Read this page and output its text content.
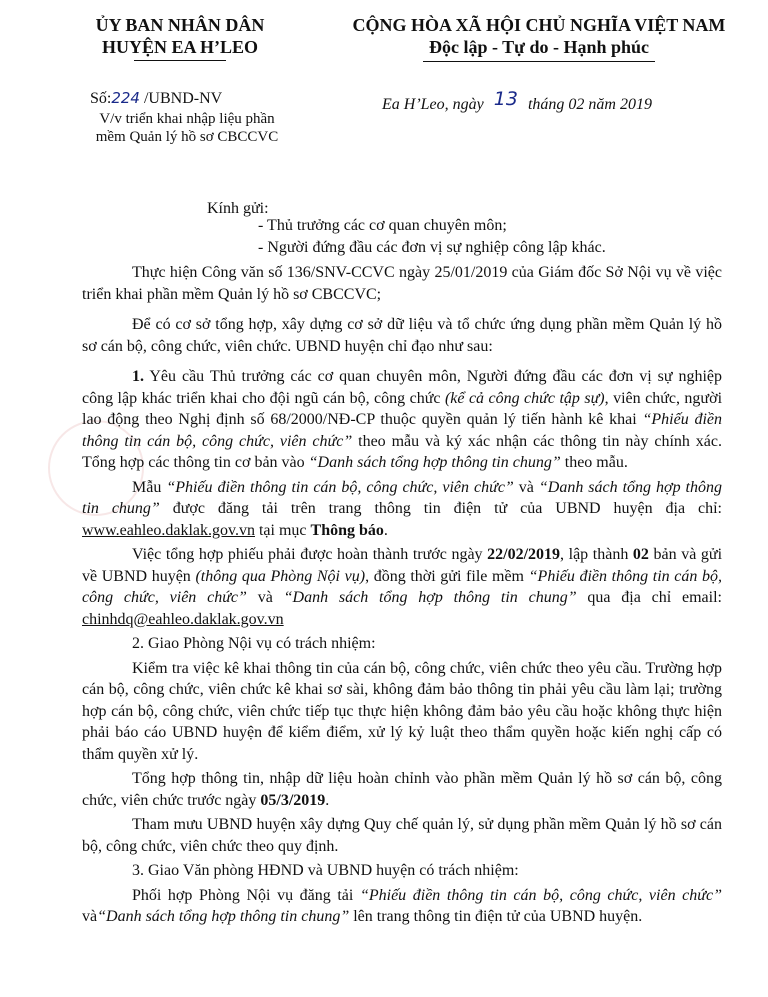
ỦY BAN NHÂN DÂN
HUYỆN EA H’LEO
CỘNG HÒA XÃ HỘI CHỦ NGHĨA VIỆT NAM
Độc lập - Tự do - Hạnh phúc
Số:224 /UBND-NV
V/v triển khai nhập liệu phần mềm Quản lý hồ sơ CBCCVC
Ea H’Leo, ngày 13 tháng 02 năm 2019
Kính gửi:
- Thủ trưởng các cơ quan chuyên môn;
- Người đứng đầu các đơn vị sự nghiệp công lập khác.

Thực hiện Công văn số 136/SNV-CCVC ngày 25/01/2019 của Giám đốc Sở Nội vụ về việc triển khai phần mềm Quản lý hồ sơ CBCCVC;

Để có cơ sở tổng hợp, xây dựng cơ sở dữ liệu và tổ chức ứng dụng phần mềm Quản lý hồ sơ cán bộ, công chức, viên chức. UBND huyện chỉ đạo như sau:

1. Yêu cầu Thủ trưởng các cơ quan chuyên môn, Người đứng đầu các đơn vị sự nghiệp công lập khác triển khai cho đội ngũ cán bộ, công chức (kể cả công chức tập sự), viên chức, người lao động theo Nghị định số 68/2000/NĐ-CP thuộc quyền quản lý tiến hành kê khai “Phiếu điền thông tin cán bộ, công chức, viên chức” theo mẫu và ký xác nhận các thông tin này chính xác. Tổng hợp các thông tin cơ bản vào “Danh sách tổng hợp thông tin chung” theo mẫu.

Mẫu “Phiếu điền thông tin cán bộ, công chức, viên chức” và “Danh sách tổng hợp thông tin chung” được đăng tải trên trang thông tin điện tử của UBND huyện địa chỉ: www.eahleo.daklak.gov.vn tại mục Thông báo.

Việc tổng hợp phiếu phải được hoàn thành trước ngày 22/02/2019, lập thành 02 bản và gửi về UBND huyện (thông qua Phòng Nội vụ), đồng thời gửi file mềm “Phiếu điền thông tin cán bộ, công chức, viên chức” và “Danh sách tổng hợp thông tin chung” qua địa chỉ email: chinhdq@eahleo.daklak.gov.vn

2. Giao Phòng Nội vụ có trách nhiệm:

Kiểm tra việc kê khai thông tin của cán bộ, công chức, viên chức theo yêu cầu. Trường hợp cán bộ, công chức, viên chức kê khai sơ sài, không đảm bảo thông tin phải yêu cầu làm lại; trường hợp cán bộ, công chức, viên chức tiếp tục thực hiện không đảm bảo yêu cầu hoặc không thực hiện phải báo cáo UBND huyện để kiểm điểm, xử lý kỷ luật theo thẩm quyền hoặc kiến nghị cấp có thẩm quyền xử lý.

Tổng hợp thông tin, nhập dữ liệu hoàn chỉnh vào phần mềm Quản lý hồ sơ cán bộ, công chức, viên chức trước ngày 05/3/2019.

Tham mưu UBND huyện xây dựng Quy chế quản lý, sử dụng phần mềm Quản lý hồ sơ cán bộ, công chức, viên chức theo quy định.

3. Giao Văn phòng HĐND và UBND huyện có trách nhiệm:

Phối hợp Phòng Nội vụ đăng tải “Phiếu điền thông tin cán bộ, công chức, viên chức” và“Danh sách tổng hợp thông tin chung” lên trang thông tin điện tử của UBND huyện.
